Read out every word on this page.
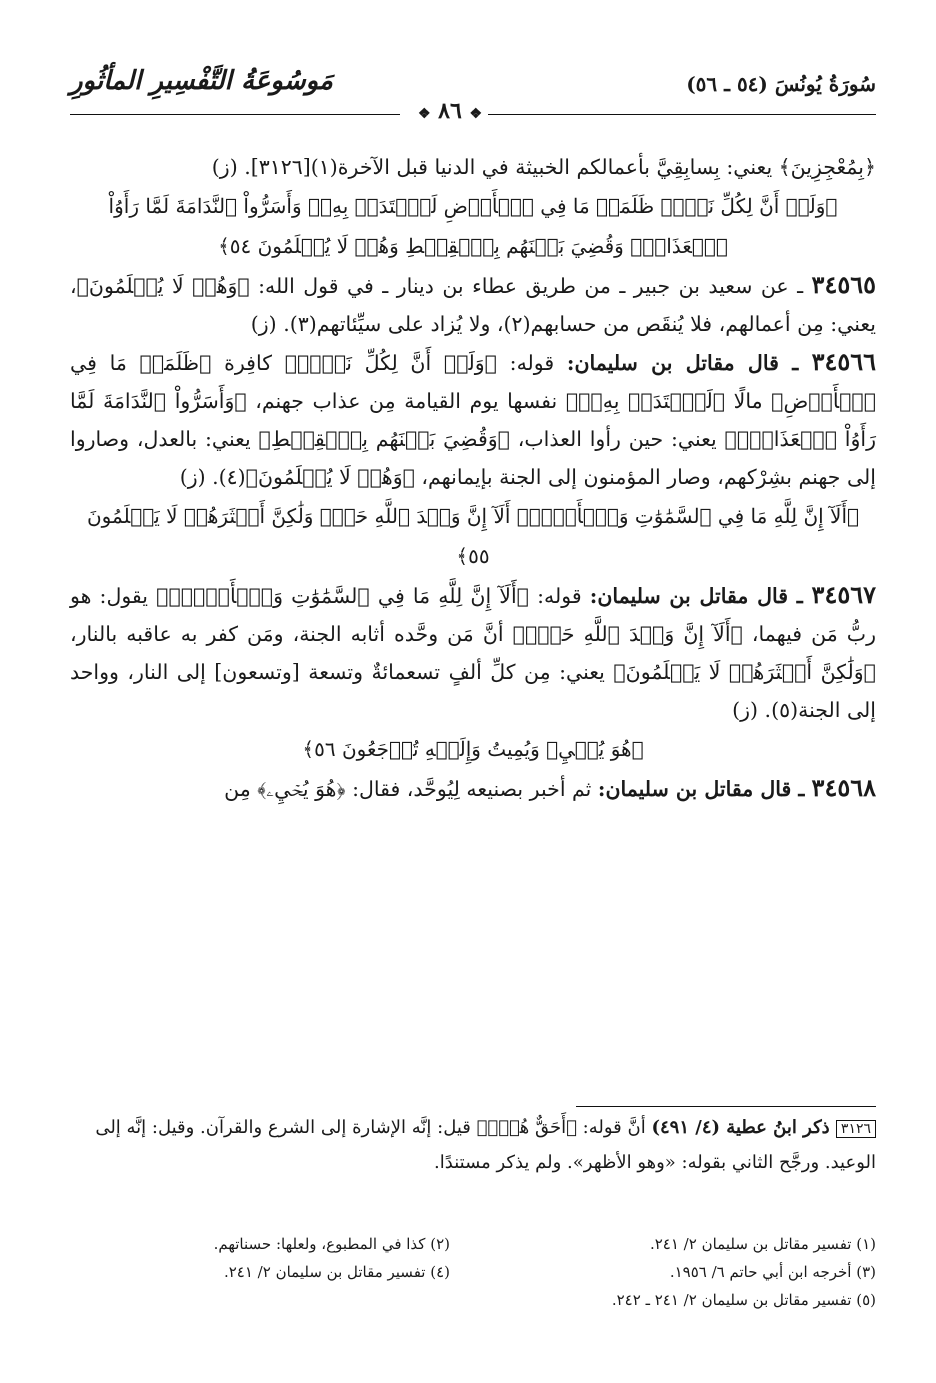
سُورَةُ يُونُسَ (٥٤ ـ ٥٦)
مَوسُوعَةُ التَّفْسِيرِ المأثُورِ
❖ ٨٦ ❖

﴿بِمُعْجِزِينَ﴾ يعني: بِسابِقِيَّ بأعمالكم الخبيثة في الدنيا قبل الآخرة(١)[٣١٢٦]. (ز)

﴿وَلَوۡ أَنَّ لِكُلِّ نَفۡسٖ ظَلَمَتۡ مَا فِي ٱلۡأَرۡضِ لَٱفۡتَدَتۡ بِهِۦۗ وَأَسَرُّواْ ٱلنَّدَامَةَ لَمَّا رَأَوُاْ ٱلۡعَذَابَۖ وَقُضِيَ بَيۡنَهُم بِٱلۡقِسۡطِ وَهُمۡ لَا يُظۡلَمُونَ ٥٤﴾

٣٤٥٦٥ ـ عن سعيد بن جبير ـ من طريق عطاء بن دينار ـ في قول الله: ﴿وَهُمۡ لَا يُظۡلَمُونَ﴾، يعني: مِن أعمالهم، فلا يُنقَص من حسابهم(٢)، ولا يُزاد على سيِّئاتهم(٣). (ز)

٣٤٥٦٦ ـ قال مقاتل بن سليمان: قوله: ﴿وَلَوۡ أَنَّ لِكُلِّ نَفۡسٖ﴾ كافِرة ﴿ظَلَمَتۡ مَا فِي ٱلۡأَرۡضِ﴾ مالًا ﴿لَٱفۡتَدَتۡ بِهِۦۗ﴾ نفسها يوم القيامة مِن عذاب جهنم، ﴿وَأَسَرُّواْ ٱلنَّدَامَةَ لَمَّا رَأَوُاْ ٱلۡعَذَابَۖ﴾ يعني: حين رأوا العذاب، ﴿وَقُضِيَ بَيۡنَهُم بِٱلۡقِسۡطِ﴾ يعني: بالعدل، وصاروا إلى جهنم بشِرْكهم، وصار المؤمنون إلى الجنة بإيمانهم، ﴿وَهُمۡ لَا يُظۡلَمُونَ﴾(٤). (ز)

﴿أَلَآ إِنَّ لِلَّهِ مَا فِي ٱلسَّمَٰوَٰتِ وَٱلۡأَرۡضِۗ أَلَآ إِنَّ وَعۡدَ ٱللَّهِ حَقّٞ وَلَٰكِنَّ أَكۡثَرَهُمۡ لَا يَعۡلَمُونَ ٥٥﴾

٣٤٥٦٧ ـ قال مقاتل بن سليمان: قوله: ﴿أَلَآ إِنَّ لِلَّهِ مَا فِي ٱلسَّمَٰوَٰتِ وَٱلۡأَرۡضِۗ﴾ يقول: هو ربُّ مَن فيهما، ﴿أَلَآ إِنَّ وَعۡدَ ٱللَّهِ حَقّٞ﴾ أنَّ مَن وحَّده أثابه الجنة، ومَن كفر به عاقبه بالنار، ﴿وَلَٰكِنَّ أَكۡثَرَهُمۡ لَا يَعۡلَمُونَ﴾ يعني: مِن كلِّ ألفٍ تسعمائةٌ وتسعة [وتسعون] إلى النار، وواحد إلى الجنة(٥). (ز)

﴿هُوَ يُحۡيِۦ وَيُمِيتُ وَإِلَيۡهِ تُرۡجَعُونَ ٥٦﴾

٣٤٥٦٨ ـ قال مقاتل بن سليمان: ثم أخبر بصنيعه لِيُوحَّد، فقال: ﴿هُوَ يُحۡيِۦ﴾ مِن

٣١٢٦ ذكر ابنُ عطية (٤/ ٤٩١) أنَّ قوله: ﴿أَحَقٌّ هُوَۖ﴾ قيل: إنَّه الإشارة إلى الشرع والقرآن. وقيل: إنَّه إلى الوعيد. ورجَّح الثاني بقوله: «وهو الأظهر». ولم يذكر مستندًا.

(١) تفسير مقاتل بن سليمان ٢/ ٢٤١.
(٣) أخرجه ابن أبي حاتم ٦/ ١٩٥٦.
(٥) تفسير مقاتل بن سليمان ٢/ ٢٤١ ـ ٢٤٢.
(٢) كذا في المطبوع، ولعلها: حسناتهم.
(٤) تفسير مقاتل بن سليمان ٢/ ٢٤١.
